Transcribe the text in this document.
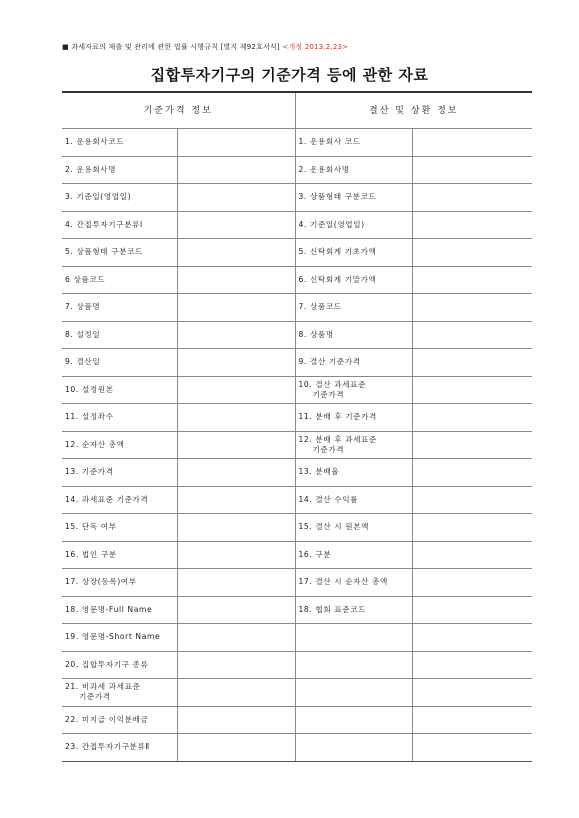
■ 과세자료의 제출 및 관리에 관한 법률 시행규칙 [별지 제92호서식] <개정 2013.2.23>
집합투자기구의 기준가격 등에 관한 자료
기준가격 정보		결산 및 상환 정보	

1. 운용회사코드		1. 운용회사 코드	

2. 운용회사명		2. 운용회사명	

3. 기준일(영업일)		3. 상품형태 구분코드	

4. 간접투자기구분류Ⅰ		4. 기준일(영업일)	

5. 상품형태 구분코드		5. 신탁회계 기초가액	

6 상품코드		6. 신탁회계 기말가액	

7. 상품명		7. 상품코드	

8. 설정일		8. 상품명	

9. 결산일		9. 결산 기준가격	

10. 설정원본		10. 결산 과세표준
기준가격	

11. 설정좌수		11. 분배 후 기준가격	

12. 순자산 총액		12. 분배 후 과세표준
기준가격	

13. 기준가격		13. 분배율	

14. 과세표준 기준가격		14. 결산 수익률	

15. 단독 여부		15. 결산 시 원본액	

16. 법인 구분		16. 구분	

17. 상장(등록)여부		17. 결산 시 순자산 총액	

18. 영문명-Full Name		18. 협회 표준코드	

19. 영문명-Short Name			

20. 집합투자기구 종류			

21. 비과세 과세표준
기준가격			

22. 미지급 이익분배금			

23. 간접투자기구분류Ⅱ			
